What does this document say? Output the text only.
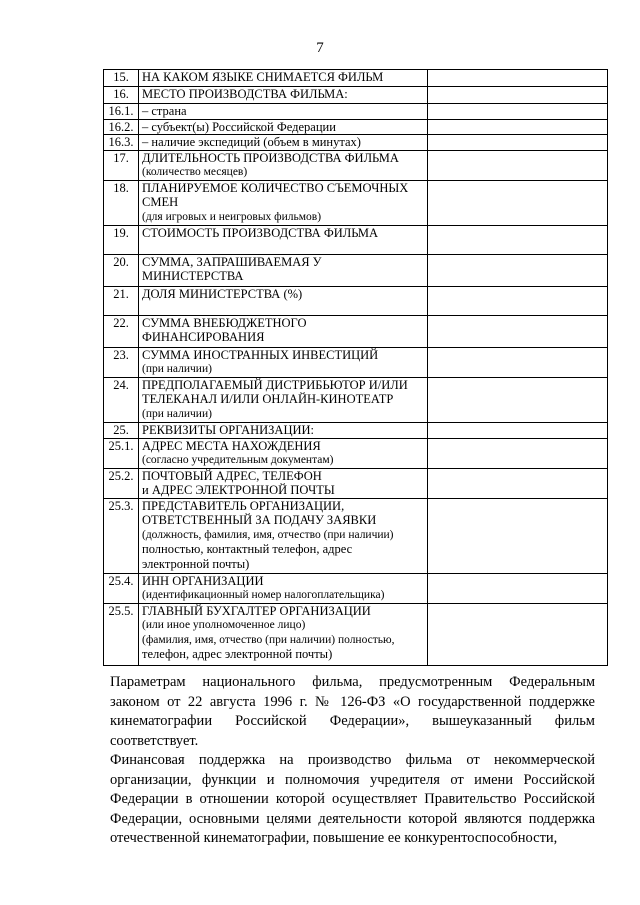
7
15.	НА КАКОМ ЯЗЫКЕ СНИМАЕТСЯ ФИЛЬМ	

16.	МЕСТО ПРОИЗВОДСТВА ФИЛЬМА:	

16.1.	– страна	

16.2.	– субъект(ы) Российской Федерации	

16.3.	– наличие экспедиций (объем в минутах)	

17.	ДЛИТЕЛЬНОСТЬ ПРОИЗВОДСТВА ФИЛЬМА
(количество месяцев)	

18.	ПЛАНИРУЕМОЕ КОЛИЧЕСТВО СЪЕМОЧНЫХ
СМЕН
(для игровых и неигровых фильмов)	

19.	СТОИМОСТЬ ПРОИЗВОДСТВА ФИЛЬМА	

20.	СУММА, ЗАПРАШИВАЕМАЯ У
МИНИСТЕРСТВА	

21.	ДОЛЯ МИНИСТЕРСТВА (%)	

22.	СУММА ВНЕБЮДЖЕТНОГО
ФИНАНСИРОВАНИЯ	

23.	СУММА ИНОСТРАННЫХ ИНВЕСТИЦИЙ
(при наличии)	

24.	ПРЕДПОЛАГАЕМЫЙ ДИСТРИБЬЮТОР И/ИЛИ
ТЕЛЕКАНАЛ И/ИЛИ ОНЛАЙН-КИНОТЕАТР
(при наличии)	

25.	РЕКВИЗИТЫ ОРГАНИЗАЦИИ:	

25.1.	АДРЕС МЕСТА НАХОЖДЕНИЯ
(согласно учредительным документам)	

25.2.	ПОЧТОВЫЙ АДРЕС, ТЕЛЕФОН
и АДРЕС ЭЛЕКТРОННОЙ ПОЧТЫ	

25.3.	ПРЕДСТАВИТЕЛЬ ОРГАНИЗАЦИИ,
ОТВЕТСТВЕННЫЙ ЗА ПОДАЧУ ЗАЯВКИ
(должность, фамилия, имя, отчество (при наличии)
полностью, контактный телефон, адрес
электронной почты)	

25.4.	ИНН ОРГАНИЗАЦИИ
(идентификационный номер налогоплательщика)	

25.5.	ГЛАВНЫЙ БУХГАЛТЕР ОРГАНИЗАЦИИ
(или иное уполномоченное лицо)
(фамилия, имя, отчество (при наличии) полностью,
телефон, адрес электронной почты)	

Параметрам национального фильма, предусмотренным Федеральным законом от 22 августа 1996 г. № 126-ФЗ «О государственной поддержке кинематографии Российской Федерации», вышеуказанный фильм соответствует.

Финансовая поддержка на производство фильма от некоммерческой организации, функции и полномочия учредителя от имени Российской Федерации в отношении которой осуществляет Правительство Российской Федерации, основными целями деятельности которой являются поддержка отечественной кинематографии, повышение ее конкурентоспособности,
